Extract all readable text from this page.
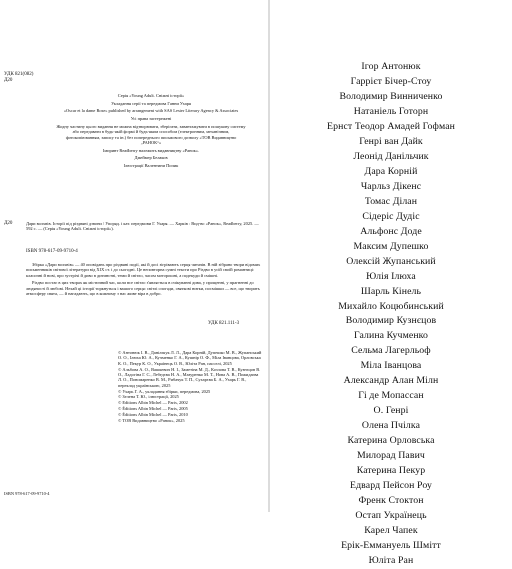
УДК 821(082)
Д20
Серія «Young Adult. Сніжні історії»
Укладання серії та передмова Ганни Ухаря
«Oscar et la dame Rose» published by arrangement with SAS Lester Literary Agency & Associates
Усі права застережені
Жодну частину цього видання не можна відтворювати, зберігати, завантажувати в пошукову систему або передавати в будь-якій формі й будь-яким способом (електронним, механічним, фотокопіюванням, запису та ін.) без попереднього письмового дозволу «ТОВ Видавництво „РАНОК“»
Імпринт Readberry належить видавництву «Ранок».
Джеймер Белаков
Ілюстрації Валентини Попик
Д20	Дари волхвів. Історії під різдвяні дзвони / Упоряд. і кат. передмови Г. Ухаря. — Харків : Вид-во «Ранок», Readberry, 2025. — 592 с. — (Серія «Young Adult. Сніжні історії»).
ISBN 978-617-09-9710-4

Збірка «Дари волхвів» — 40 оповідань про різдвяні події, які й досі зігрівають серця читачів. В ній зібрано твори відомих письменників світової літератури від XIX ст. і до сьогодні. Це неповторна сумні тексти про Різдво в усій своїй романтиці: класичні й нові, про зустрічі й диво в дитинстві, теми й світло, часом моторошні, а подекуди й смішні.

Різдво постає в цих творах як містичний час, коли все світло з'являється в очікуванні дива, у прощенні, у прагненні до людяності й любові. Нехай ці історії торкнуться і вашого серця: світлі спогади, святкові нитки, посмішки — все, що творить атмосферу свята, — й нагадають, що в кожному з нас живе віра в добро.

УДК 821.111-3
© Антонюк І. В., Данільчук Л. Л., Дара Корній, Дупешко М. В., Жупанський О. О., Ілюха Ю. А., Кучменко Г. А., Кушнір О. Ф., Міла Іванцова, Орловська К. О., Пекур К. О., Українець О. В., Юліта Ран, пасселі, 2025
© Альбова А. О., Вашкевич Н. І., Заметіна М. Д., Козлова Т. В., Кузнєцов В. О., Ладогіна Г. С., Лебедєва Н. А., Мазуренко М. Т., Нова А. В., Пожидаєва Л. О., Пономаренко В. М., Рибачук Т. П., Сухарєва Б. А., Ухарь Г. В., переклад українською, 2025
© Ухарь Г. А., укладання збірки, передмова, 2025
© Зелена Т. Ю., ілюстрації, 2025
© Editions Albin Michel — Paris, 2002
© Éditions Albin Michel — Paris, 2005
© Éditions Albin Michel — Paris, 2010
© ТОВ Видавництво «Ранок», 2025
ISBN 978-617-09-9710-4
Ігор Антонюк
Гаррієт Бічер-Стоу
Володимир Винниченко
Натаніель Готорн
Ернст Теодор Амадей Гофман
Генрі ван Дайк
Леонід Данільчик
Дара Корній
Чарльз Дікенс
Томас Ділан
Сідеріс Дудіс
Альфонс Доде
Максим Дупешко
Олексій Жупанський
Юлія Ілюха
Шарль Кінель
Михайло Коцюбинський
Володимир Кузнєцов
Галина Кучменко
Сельма Лагерльоф
Міла Іванцова
Александр Алан Мілн
Гі де Мопассан
О. Генрі
Олена Пчілка
Катерина Орловська
Милорад Павич
Катерина Пекур
Едвард Пейсон Роу
Френк Стоктон
Остап Українець
Карел Чапек
Ерік-Еммануель Шмітт
Юліта Ран
